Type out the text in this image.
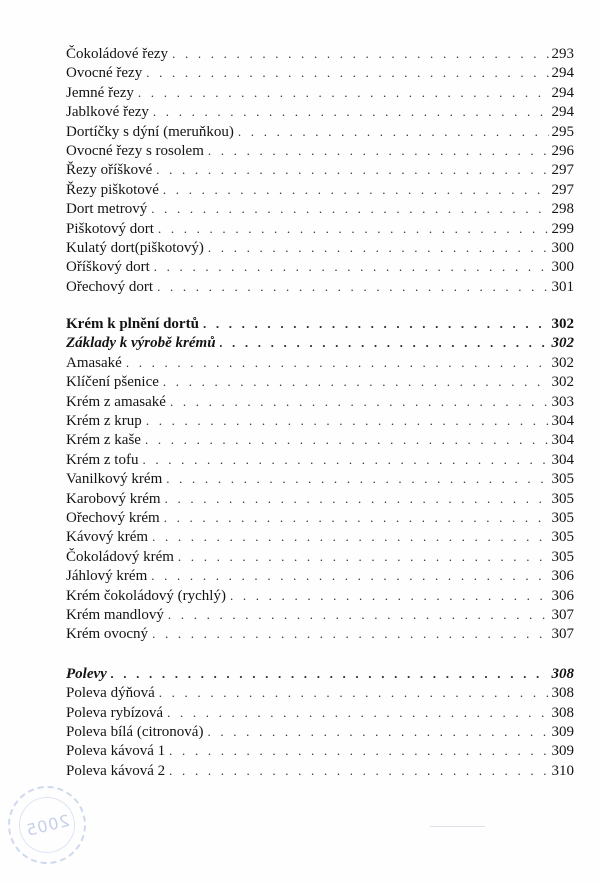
Čokoládové řezy . . .	293
Ovocné řezy . . .	294
Jemné řezy . . .	294
Jablkové řezy . . .	294
Dortíčky s dýní (meruňkou) . . .	295
Ovocné řezy s rosolem . . .	296
Řezy oříškové . . .	297
Řezy piškotové . . .	297
Dort metrový . . .	298
Piškotový dort . . .	299
Kulatý dort(piškotový) . . .	300
Oříškový dort . . .	300
Ořechový dort . . .	301
Krém k plnění dortů . . .	302
Základy k výrobě krémů . . .	302
Amasaké . . .	302
Klíčení pšenice . . .	302
Krém z amasaké . . .	303
Krém z krup . . .	304
Krém z kaše . . .	304
Krém z tofu . . .	304
Vanilkový krém . . .	305
Karobový krém . . .	305
Ořechový krém . . .	305
Kávový krém . . .	305
Čokoládový krém . . .	305
Jáhlový krém . . .	306
Krém čokoládový (rychlý) . . .	306
Krém mandlový . . .	307
Krém ovocný . . .	307
Polevy . . .	308
Poleva dýňová . . .	308
Poleva rybízová . . .	308
Poleva bílá (citronová) . . .	309
Poleva kávová 1 . . .	309
Poleva kávová 2 . . .	310
2005
